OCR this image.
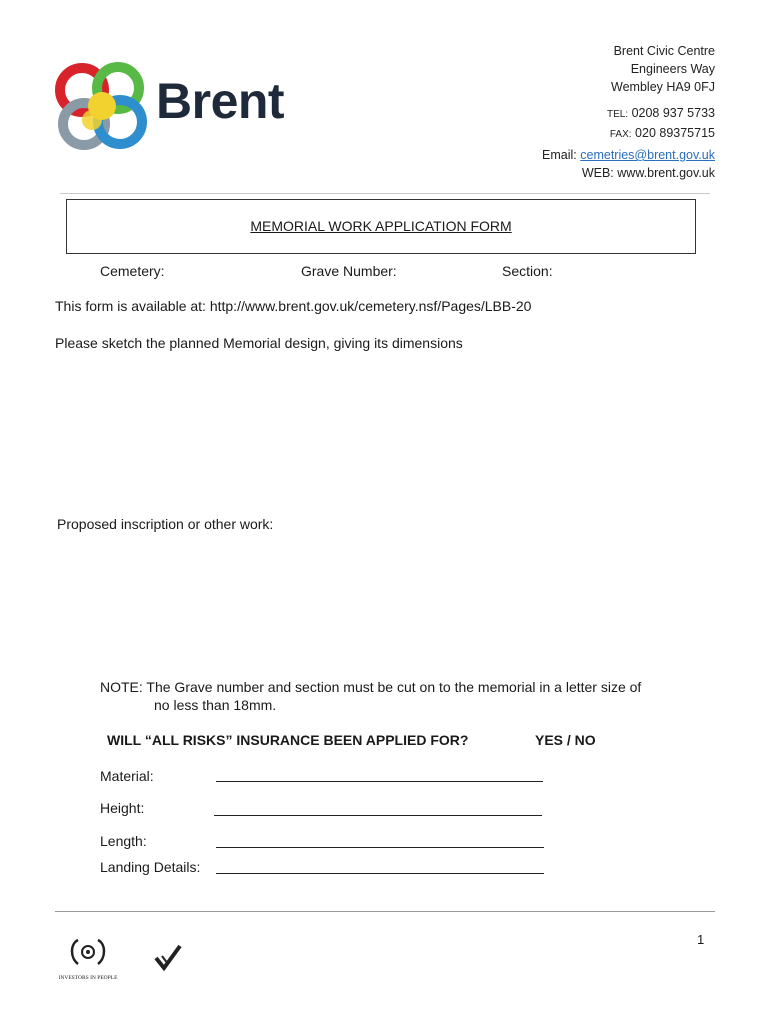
Brent
Brent Civic Centre
Engineers Way
Wembley HA9 0FJ
TEL: 0208 937 5733
FAX: 020 89375715
Email: cemetries@brent.gov.uk
WEB: www.brent.gov.uk
MEMORIAL WORK APPLICATION FORM
Cemetery:	Grave Number:	Section:
This form is available at: http://www.brent.gov.uk/cemetery.nsf/Pages/LBB-20
Please sketch the planned Memorial design, giving its dimensions
Proposed inscription or other work:
NOTE: The Grave number and section must be cut on to the memorial in a letter size of
no less than 18mm.
WILL “ALL RISKS” INSURANCE BEEN APPLIED FOR?	YES / NO
Material:
Height:
Length:
Landing Details:
1
INVESTORS IN PEOPLE
